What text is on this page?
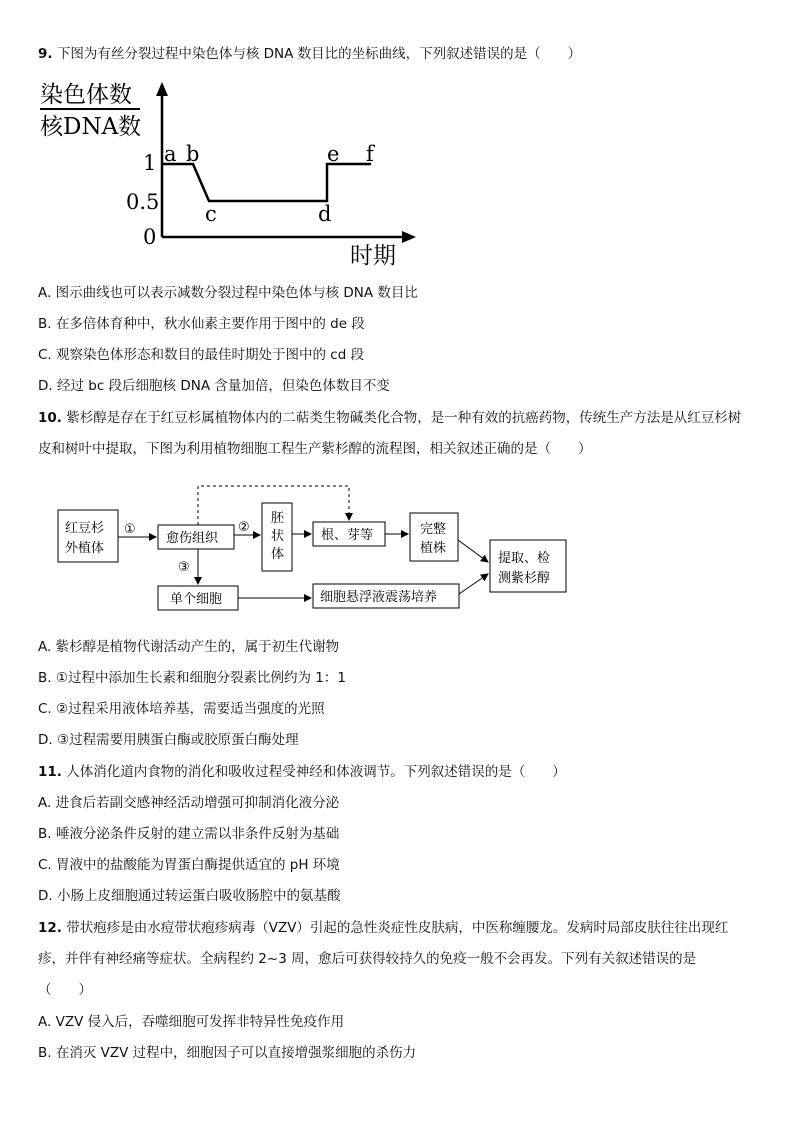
9. 下图为有丝分裂过程中染色体与核 DNA 数目比的坐标曲线，下列叙述错误的是（　　）
染色体数
核DNA数
1
0.5
0
a b
c	d
e f
时期
A. 图示曲线也可以表示减数分裂过程中染色体与核 DNA 数目比
B. 在多倍体育种中，秋水仙素主要作用于图中的 de 段
C. 观察染色体形态和数目的最佳时期处于图中的 cd 段
D. 经过 bc 段后细胞核 DNA 含量加倍，但染色体数目不变
10. 紫杉醇是存在于红豆杉属植物体内的二萜类生物碱类化合物，是一种有效的抗癌药物，传统生产方法是从红豆杉树
皮和树叶中提取，下图为利用植物细胞工程生产紫杉醇的流程图，相关叙述正确的是（　　）
红豆杉
外植体
愈伤组织
胚
状
体
根、芽等	完整
植株
提取、检
测紫杉醇
单个细胞	细胞悬浮液震荡培养
①	②
③
A. 紫杉醇是植物代谢活动产生的，属于初生代谢物
B. ①过程中添加生长素和细胞分裂素比例约为 1：1
C. ②过程采用液体培养基，需要适当强度的光照
D. ③过程需要用胰蛋白酶或胶原蛋白酶处理
11. 人体消化道内食物的消化和吸收过程受神经和体液调节。下列叙述错误的是（　　）
A. 进食后若副交感神经活动增强可抑制消化液分泌
B. 唾液分泌条件反射的建立需以非条件反射为基础
C. 胃液中的盐酸能为胃蛋白酶提供适宜的 pH 环境
D. 小肠上皮细胞通过转运蛋白吸收肠腔中的氨基酸
12. 带状疱疹是由水痘带状疱疹病毒（VZV）引起的急性炎症性皮肤病，中医称缠腰龙。发病时局部皮肤往往出现红
疹，并伴有神经痛等症状。全病程约 2~3 周，愈后可获得较持久的免疫一般不会再发。下列有关叙述错误的是
（　　）
A. VZV 侵入后，吞噬细胞可发挥非特异性免疫作用
B. 在消灭 VZV 过程中，细胞因子可以直接增强浆细胞的杀伤力
